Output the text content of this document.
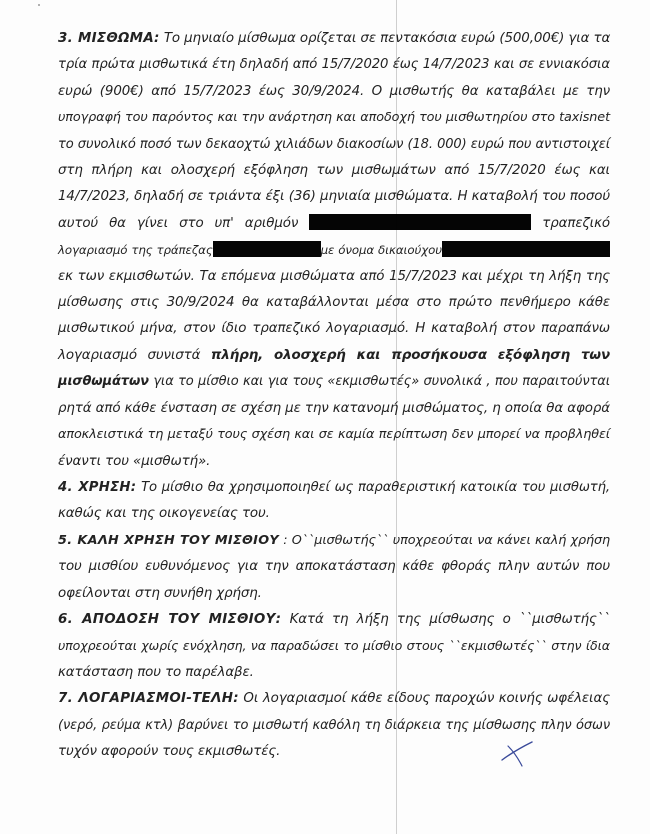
3. ΜΙΣΘΩΜΑ: Το μηνιαίο μίσθωμα ορίζεται σε πεντακόσια ευρώ (500,00€) για τα
τρία πρώτα μισθωτικά έτη δηλαδή από 15/7/2020 έως 14/7/2023 και σε εννιακόσια
ευρώ (900€) από 15/7/2023 έως 30/9/2024. Ο μισθωτής θα καταβάλει με την
υπογραφή του παρόντος και την ανάρτηση και αποδοχή του μισθωτηρίου στο taxisnet
το συνολικό ποσό των δεκαοχτώ χιλιάδων διακοσίων (18. 000) ευρώ που αντιστοιχεί
στη πλήρη και ολοσχερή εξόφληση των μισθωμάτων από 15/7/2020 έως και
14/7/2023, δηλαδή σε τριάντα έξι (36) μηνιαία μισθώματα. Η καταβολή του ποσού
αυτού θα γίνει στο υπ' αριθμόν	τραπεζικό
λογαριασμό της τράπεζας	με όνομα δικαιούχου
εκ των εκμισθωτών. Τα επόμενα μισθώματα από 15/7/2023 και μέχρι τη λήξη της
μίσθωσης στις 30/9/2024 θα καταβάλλονται μέσα στο πρώτο πενθήμερο κάθε
μισθωτικού μήνα, στον ίδιο τραπεζικό λογαριασμό. Η καταβολή στον παραπάνω
λογαριασμό συνιστά πλήρη, ολοσχερή και προσήκουσα εξόφληση των
μισθωμάτων για το μίσθιο και για τους «εκμισθωτές» συνολικά , που παραιτούνται
ρητά από κάθε ένσταση σε σχέση με την κατανομή μισθώματος, η οποία θα αφορά
αποκλειστικά τη μεταξύ τους σχέση και σε καμία περίπτωση δεν μπορεί να προβληθεί
έναντι του «μισθωτή».

4. ΧΡΗΣΗ: Το μίσθιο θα χρησιμοποιηθεί ως παραθεριστική κατοικία του μισθωτή,
καθώς και της οικογενείας του.

5. ΚΑΛΗ ΧΡΗΣΗ ΤΟΥ ΜΙΣΘΙΟΥ : Ο``μισθωτής`` υποχρεούται να κάνει καλή χρήση
του μισθίου ευθυνόμενος για την αποκατάσταση κάθε φθοράς πλην αυτών που
οφείλονται στη συνήθη χρήση.

6. ΑΠΟΔΟΣΗ ΤΟΥ ΜΙΣΘΙΟΥ: Κατά τη λήξη της μίσθωσης ο ``μισθωτής``
υποχρεούται χωρίς ενόχληση, να παραδώσει το μίσθιο στους ``εκμισθωτές`` στην ίδια
κατάσταση που το παρέλαβε.

7. ΛΟΓΑΡΙΑΣΜΟΙ-ΤΕΛΗ: Οι λογαριασμοί κάθε είδους παροχών κοινής ωφέλειας
(νερό, ρεύμα κτλ) βαρύνει το μισθωτή καθόλη τη διάρκεια της μίσθωσης πλην όσων
τυχόν αφορούν τους εκμισθωτές.
